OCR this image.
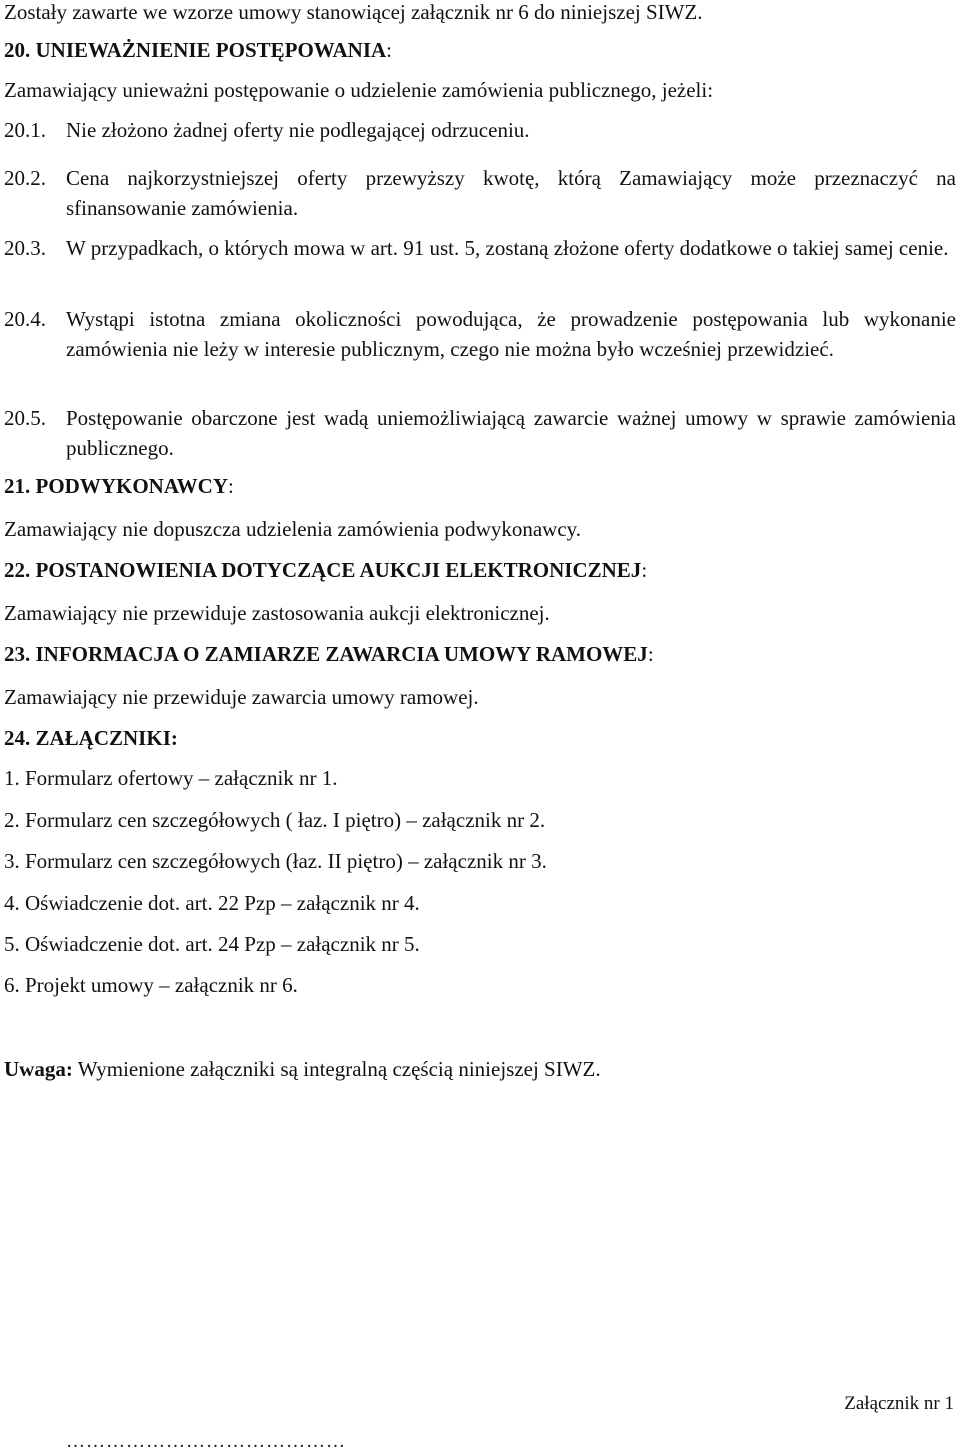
Zostały zawarte we wzorze umowy stanowiącej załącznik nr 6 do niniejszej SIWZ.
20. UNIEWAŻNIENIE POSTĘPOWANIA:
Zamawiający unieważni postępowanie o udzielenie zamówienia publicznego, jeżeli:
20.1. Nie złożono żadnej oferty nie podlegającej odrzuceniu.
20.2. Cena najkorzystniejszej oferty przewyższy kwotę, którą Zamawiający może przeznaczyć na sfinansowanie zamówienia.
20.3. W przypadkach, o których mowa w art. 91 ust. 5, zostaną złożone oferty dodatkowe o takiej samej cenie.
20.4. Wystąpi istotna zmiana okoliczności powodująca, że prowadzenie postępowania lub wykonanie zamówienia nie leży w interesie publicznym, czego nie można było wcześniej przewidzieć.
20.5. Postępowanie obarczone jest wadą uniemożliwiającą zawarcie ważnej umowy w sprawie zamówienia publicznego.
21. PODWYKONAWCY:
Zamawiający nie dopuszcza udzielenia zamówienia podwykonawcy.
22. POSTANOWIENIA DOTYCZĄCE AUKCJI ELEKTRONICZNEJ:
Zamawiający nie przewiduje zastosowania aukcji elektronicznej.
23. INFORMACJA O ZAMIARZE ZAWARCIA UMOWY RAMOWEJ:
Zamawiający nie przewiduje zawarcia umowy ramowej.
24. ZAŁĄCZNIKI:
1. Formularz ofertowy – załącznik nr 1.
2. Formularz cen szczegółowych ( łaz. I piętro) – załącznik nr 2.
3. Formularz cen szczegółowych (łaz. II piętro) – załącznik nr 3.
4. Oświadczenie dot. art. 22 Pzp – załącznik nr 4.
5. Oświadczenie dot. art. 24 Pzp – załącznik nr 5.
6. Projekt umowy – załącznik nr 6.
Uwaga: Wymienione załączniki są integralną częścią niniejszej SIWZ.
Załącznik nr 1
……………………………………
